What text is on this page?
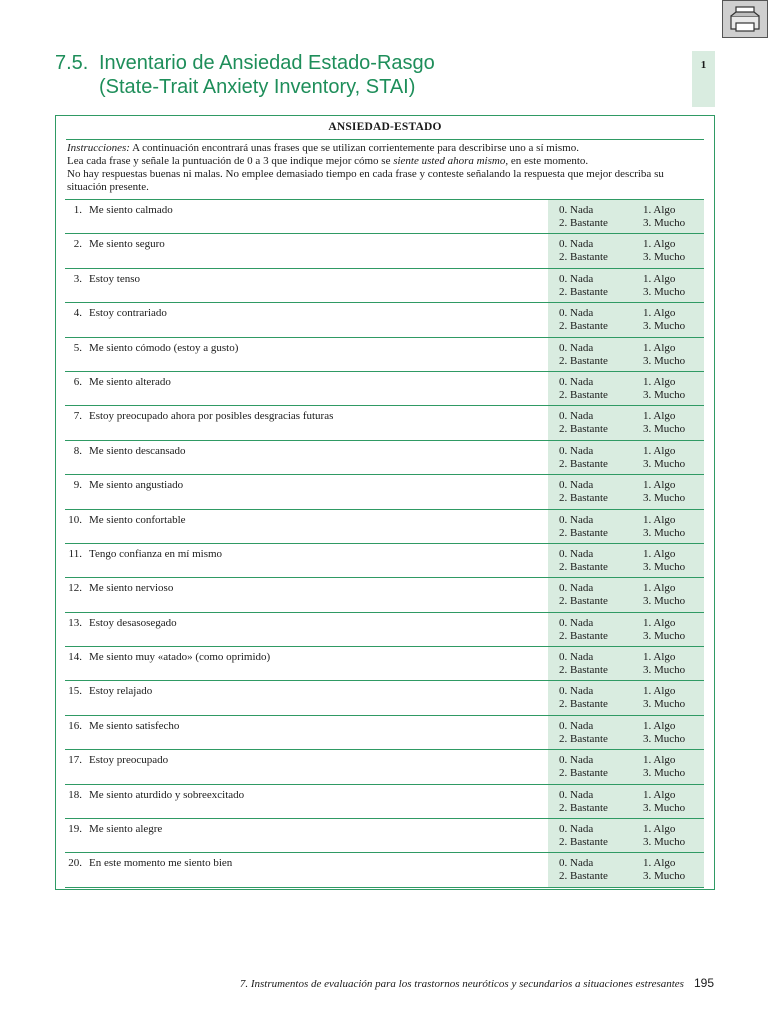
7.5. Inventario de Ansiedad Estado-Rasgo
(State-Trait Anxiety Inventory, STAI)
1
ANSIEDAD-ESTADO
Instrucciones: A continuación encontrará unas frases que se utilizan corrientemente para describirse uno a sí mismo.
Lea cada frase y señale la puntuación de 0 a 3 que indique mejor cómo se siente usted ahora mismo, en este momento.
No hay respuestas buenas ni malas. No emplee demasiado tiempo en cada frase y conteste señalando la respuesta que mejor describa su situación presente.
1. Me siento calmado	0. Nada	1. Algo
2. Bastante	3. Mucho
2. Me siento seguro	0. Nada	1. Algo
2. Bastante	3. Mucho
3. Estoy tenso	0. Nada	1. Algo
2. Bastante	3. Mucho
4. Estoy contrariado	0. Nada	1. Algo
2. Bastante	3. Mucho
5. Me siento cómodo (estoy a gusto)	0. Nada	1. Algo
2. Bastante	3. Mucho
6. Me siento alterado	0. Nada	1. Algo
2. Bastante	3. Mucho
7. Estoy preocupado ahora por posibles desgracias futuras	0. Nada	1. Algo
2. Bastante	3. Mucho
8. Me siento descansado	0. Nada	1. Algo
2. Bastante	3. Mucho
9. Me siento angustiado	0. Nada	1. Algo
2. Bastante	3. Mucho
10. Me siento confortable	0. Nada	1. Algo
2. Bastante	3. Mucho
11. Tengo confianza en mí mismo	0. Nada	1. Algo
2. Bastante	3. Mucho
12. Me siento nervioso	0. Nada	1. Algo
2. Bastante	3. Mucho
13. Estoy desasosegado	0. Nada	1. Algo
2. Bastante	3. Mucho
14. Me siento muy «atado» (como oprimido)	0. Nada	1. Algo
2. Bastante	3. Mucho
15. Estoy relajado	0. Nada	1. Algo
2. Bastante	3. Mucho
16. Me siento satisfecho	0. Nada	1. Algo
2. Bastante	3. Mucho
17. Estoy preocupado	0. Nada	1. Algo
2. Bastante	3. Mucho
18. Me siento aturdido y sobreexcitado	0. Nada	1. Algo
2. Bastante	3. Mucho
19. Me siento alegre	0. Nada	1. Algo
2. Bastante	3. Mucho
20. En este momento me siento bien	0. Nada	1. Algo
2. Bastante	3. Mucho
7. Instrumentos de evaluación para los trastornos neuróticos y secundarios a situaciones estresantes 195
